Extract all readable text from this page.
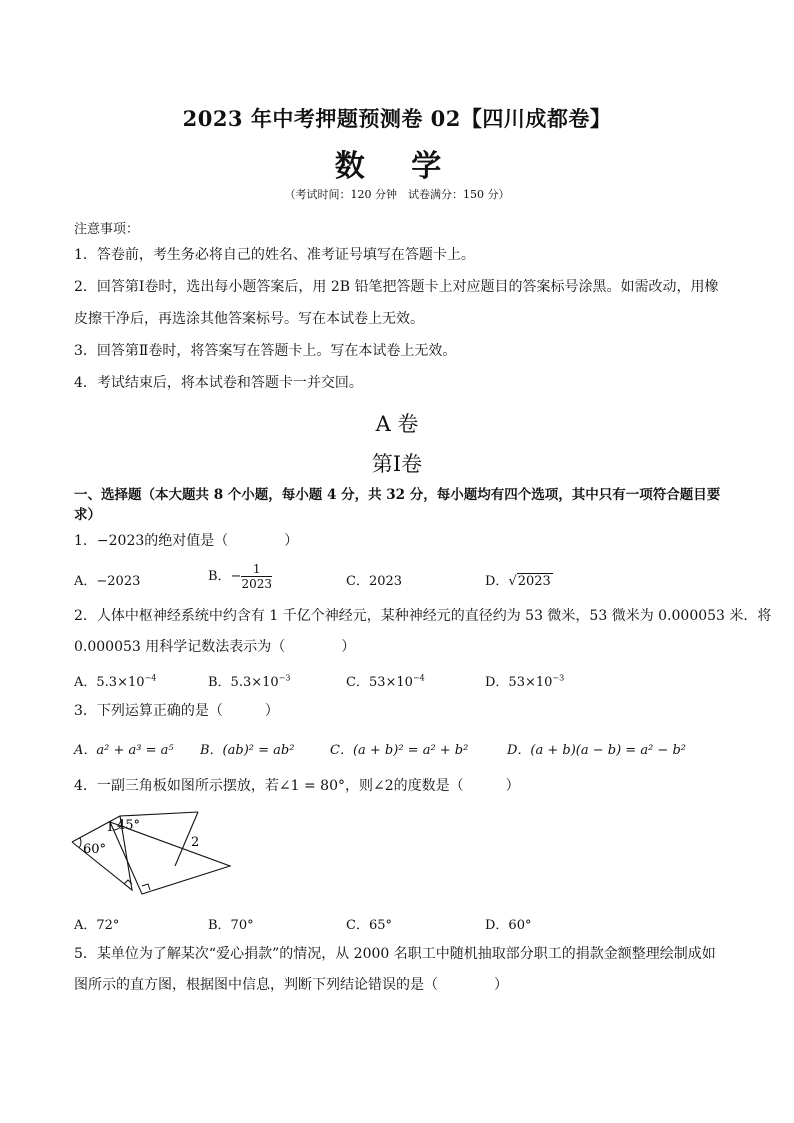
2023 年中考押题预测卷 02【四川成都卷】
数 学
（考试时间：120 分钟　试卷满分：150 分）
注意事项：
1．答卷前，考生务必将自己的姓名、准考证号填写在答题卡上。
2．回答第Ⅰ卷时，选出每小题答案后，用 2B 铅笔把答题卡上对应题目的答案标号涂黑。如需改动，用橡
皮擦干净后，再选涂其他答案标号。写在本试卷上无效。
3．回答第Ⅱ卷时，将答案写在答题卡上。写在本试卷上无效。
4．考试结束后，将本试卷和答题卡一并交回。
A 卷
第Ⅰ卷
一、选择题（本大题共 8 个小题，每小题 4 分，共 32 分，每小题均有四个选项，其中只有一项符合题目要
求）
1．−2023的绝对值是（　　　　）
A．−2023	B．− $\frac{1}{2023}$	C．2023	D．√2023
2．人体中枢神经系统中约含有 1 千亿个神经元，某种神经元的直径约为 53 微米，53 微米为 0.000053 米．将
0.000053 用科学记数法表示为（　　　　）
A．$5.3\times 10^{-4}$	B．$5.3\times 10^{-3}$	C．$53\times 10^{-4}$	D．$53\times 10^{-3}$
3．下列运算正确的是（　　　）
A．a² + a³ = a⁵ B．(ab)² = ab²	C．(a + b)² = a² + b²	D．(a + b)(a − b) = a² − b²
4．一副三角板如图所示摆放，若∠1 = 80°，则∠2的度数是（　　　）
1 45°
60°	2
A．72°	B．70°	C．65°	D．60°
5．某单位为了解某次“爱心捐款”的情况，从 2000 名职工中随机抽取部分职工的捐款金额整理绘制成如
图所示的直方图，根据图中信息，判断下列结论错误的是（　　　　）
